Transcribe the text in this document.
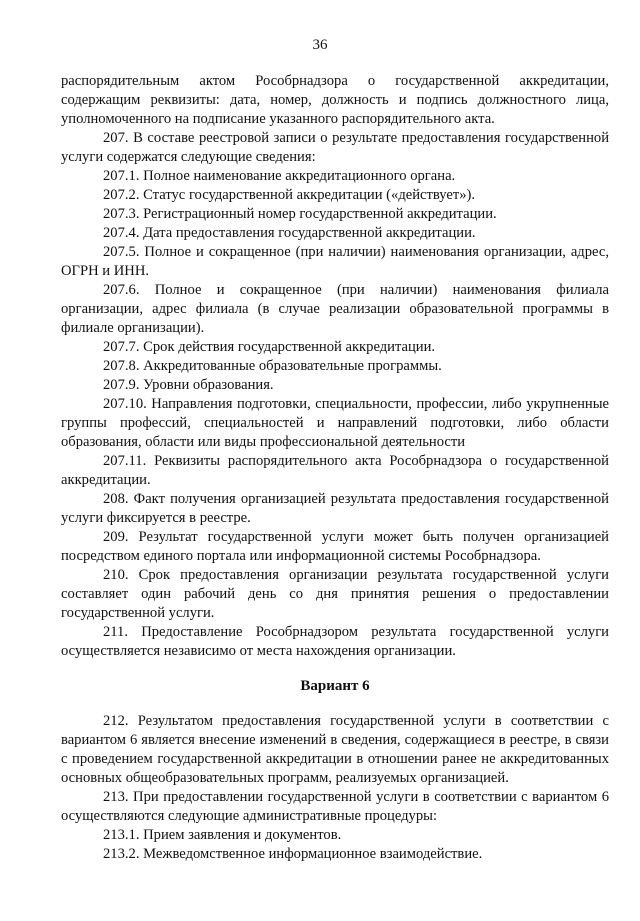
36

распорядительным актом Рособрнадзора о государственной аккредитации, содержащим реквизиты: дата, номер, должность и подпись должностного лица, уполномоченного на подписание указанного распорядительного акта.

207. В составе реестровой записи о результате предоставления государственной услуги содержатся следующие сведения:

207.1. Полное наименование аккредитационного органа.

207.2. Статус государственной аккредитации («действует»).

207.3. Регистрационный номер государственной аккредитации.

207.4. Дата предоставления государственной аккредитации.

207.5. Полное и сокращенное (при наличии) наименования организации, адрес, ОГРН и ИНН.

207.6. Полное и сокращенное (при наличии) наименования филиала организации, адрес филиала (в случае реализации образовательной программы в филиале организации).

207.7. Срок действия государственной аккредитации.

207.8. Аккредитованные образовательные программы.

207.9. Уровни образования.

207.10. Направления подготовки, специальности, профессии, либо укрупненные группы профессий, специальностей и направлений подготовки, либо области образования, области или виды профессиональной деятельности

207.11. Реквизиты распорядительного акта Рособрнадзора о государственной аккредитации.

208. Факт получения организацией результата предоставления государственной услуги фиксируется в реестре.

209. Результат государственной услуги может быть получен организацией посредством единого портала или информационной системы Рособрнадзора.

210. Срок предоставления организации результата государственной услуги составляет один рабочий день со дня принятия решения о предоставлении государственной услуги.

211. Предоставление Рособрнадзором результата государственной услуги осуществляется независимо от места нахождения организации.

Вариант 6

212. Результатом предоставления государственной услуги в соответствии с вариантом 6 является внесение изменений в сведения, содержащиеся в реестре, в связи с проведением государственной аккредитации в отношении ранее не аккредитованных основных общеобразовательных программ, реализуемых организацией.

213. При предоставлении государственной услуги в соответствии с вариантом 6 осуществляются следующие административные процедуры:

213.1. Прием заявления и документов.

213.2. Межведомственное информационное взаимодействие.
